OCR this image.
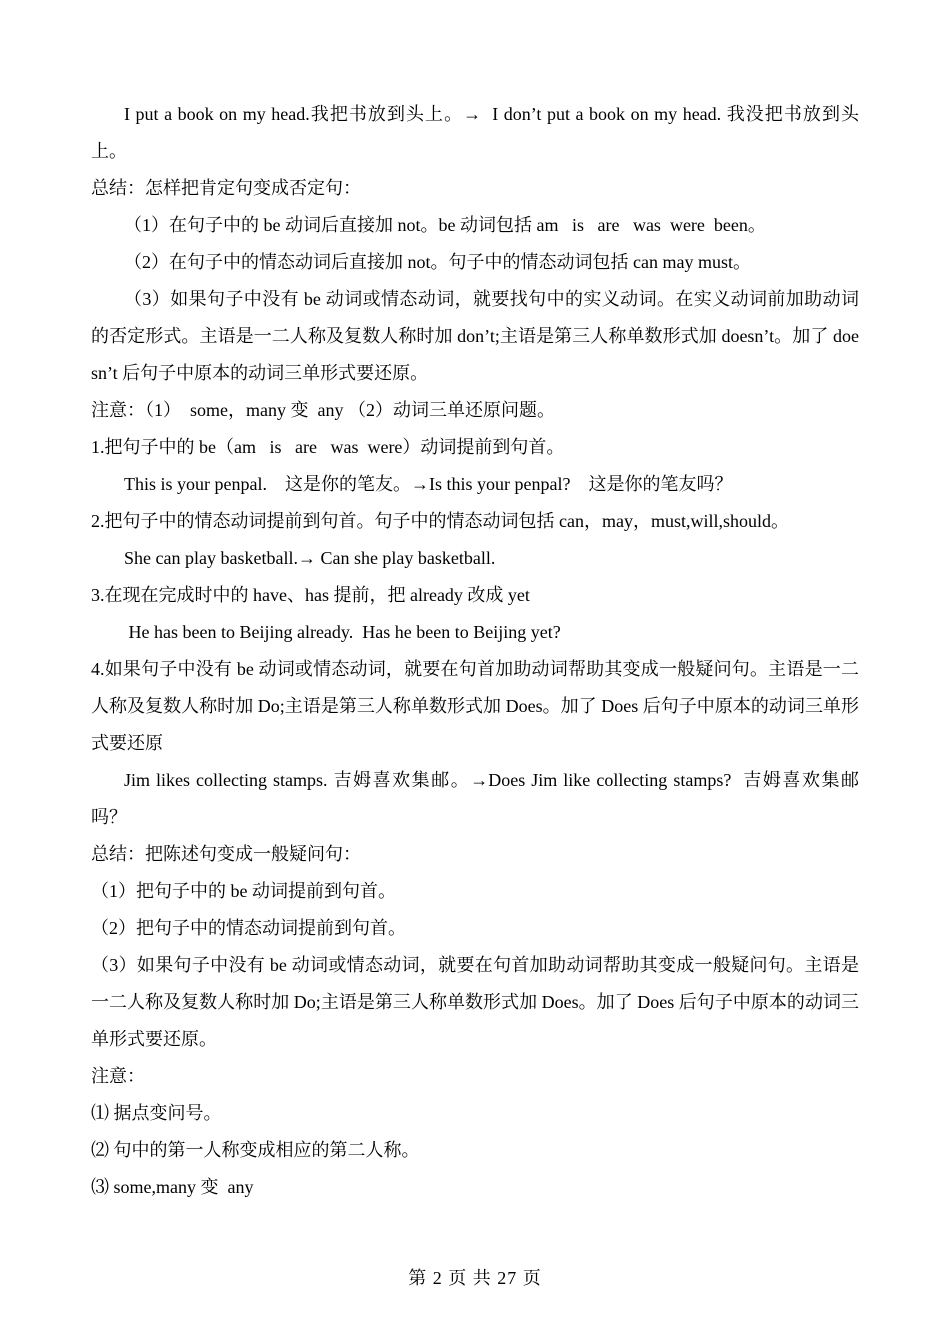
I put a book on my head.我把书放到头上。→  I don’t put a book on my head. 我没把书放到头上。

总结：怎样把肯定句变成否定句：

（1）在句子中的 be 动词后直接加 not。be 动词包括 am   is   are   was  were  been。

（2）在句子中的情态动词后直接加 not。句子中的情态动词包括 can may must。

（3）如果句子中没有 be 动词或情态动词，就要找句中的实义动词。在实义动词前加助动词的否定形式。主语是一二人称及复数人称时加 don’t;主语是第三人称单数形式加 doesn’t。加了 doesn’t 后句子中原本的动词三单形式要还原。

注意：（1）  some，many 变  any （2）动词三单还原问题。

1.把句子中的 be（am   is   are   was  were）动词提前到句首。

This is your penpal.    这是你的笔友。→Is this your penpal?    这是你的笔友吗？

2.把句子中的情态动词提前到句首。句子中的情态动词包括 can，may，must,will,should。

She can play basketball.→ Can she play basketball.

3.在现在完成时中的 have、has 提前，把 already 改成 yet

He has been to Beijing already.  Has he been to Beijing yet?

4.如果句子中没有 be 动词或情态动词，就要在句首加助动词帮助其变成一般疑问句。主语是一二人称及复数人称时加 Do;主语是第三人称单数形式加 Does。加了 Does 后句子中原本的动词三单形式要还原

Jim likes collecting stamps. 吉姆喜欢集邮。→Does Jim like collecting stamps?  吉姆喜欢集邮吗？

总结：把陈述句变成一般疑问句：

（1）把句子中的 be 动词提前到句首。

（2）把句子中的情态动词提前到句首。

（3）如果句子中没有 be 动词或情态动词，就要在句首加助动词帮助其变成一般疑问句。主语是一二人称及复数人称时加 Do;主语是第三人称单数形式加 Does。加了 Does 后句子中原本的动词三单形式要还原。

注意：

⑴ 据点变问号。

⑵ 句中的第一人称变成相应的第二人称。

⑶ some,many 变  any

第 2 页 共 27 页
